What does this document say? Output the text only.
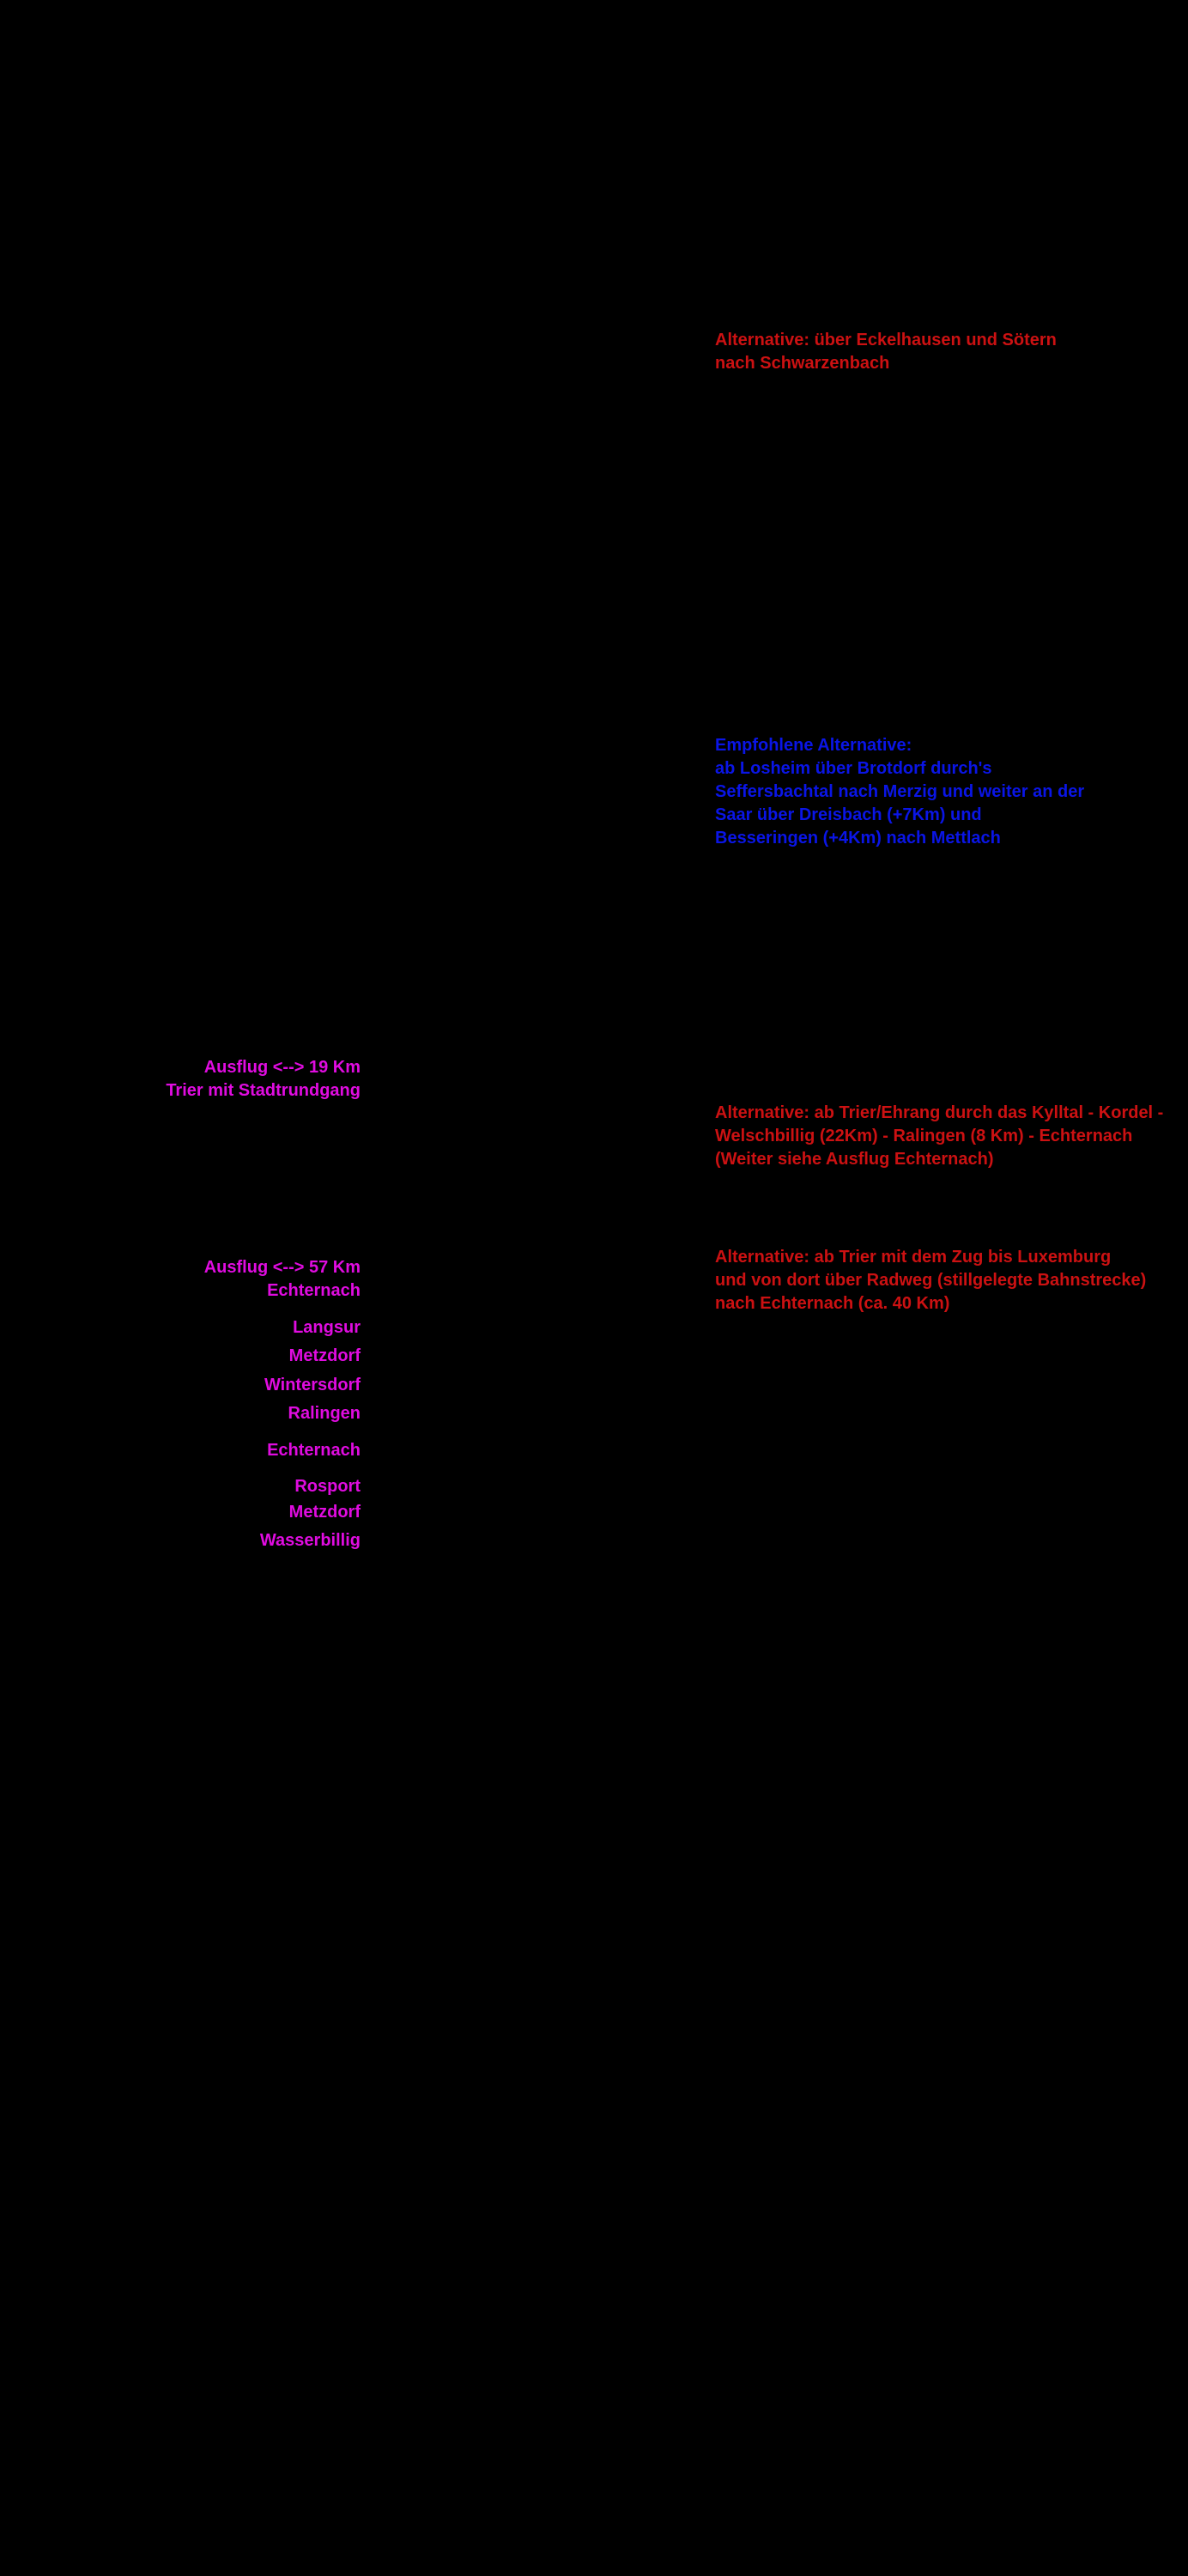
Alternative: über Eckelhausen und Sötern
nach Schwarzenbach
Empfohlene Alternative:
ab Losheim über Brotdorf durch's
Seffersbachtal nach Merzig und weiter an der
Saar über Dreisbach (+7Km) und
Besseringen (+4Km) nach Mettlach
Ausflug <--> 19 Km
Trier mit Stadtrundgang
Alternative: ab Trier/Ehrang durch das Kylltal - Kordel -
Welschbillig (22Km) - Ralingen (8 Km) - Echternach
(Weiter siehe Ausflug Echternach)
Alternative: ab Trier mit dem Zug bis Luxemburg
und von dort über Radweg (stillgelegte Bahnstrecke)
nach Echternach (ca. 40 Km)
Ausflug <--> 57 Km
Echternach
Langsur
Metzdorf
Wintersdorf
Ralingen
Echternach
Rosport
Metzdorf
Wasserbillig
